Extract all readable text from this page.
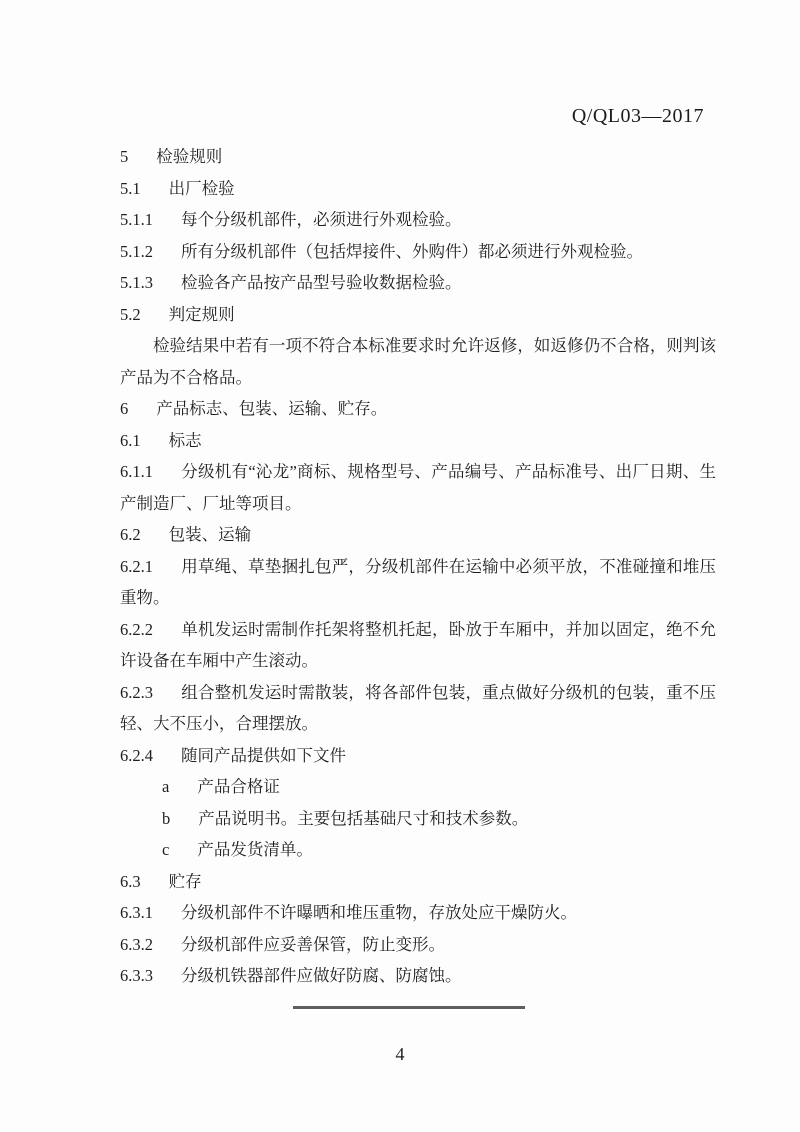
Q/QL03—2017
5 检验规则
5.1 出厂检验
5.1.1 每个分级机部件，必须进行外观检验。
5.1.2 所有分级机部件（包括焊接件、外购件）都必须进行外观检验。
5.1.3 检验各产品按产品型号验收数据检验。
5.2 判定规则
检验结果中若有一项不符合本标准要求时允许返修，如返修仍不合格，则判该产品为不合格品。
6 产品标志、包装、运输、贮存。
6.1 标志
6.1.1 分级机有“沁龙”商标、规格型号、产品编号、产品标准号、出厂日期、生产制造厂、厂址等项目。
6.2 包装、运输
6.2.1 用草绳、草垫捆扎包严，分级机部件在运输中必须平放，不准碰撞和堆压重物。
6.2.2 单机发运时需制作托架将整机托起，卧放于车厢中，并加以固定，绝不允许设备在车厢中产生滚动。
6.2.3 组合整机发运时需散装，将各部件包装，重点做好分级机的包装，重不压轻、大不压小，合理摆放。
6.2.4 随同产品提供如下文件
a 产品合格证
b 产品说明书。主要包括基础尺寸和技术参数。
c 产品发货清单。
6.3 贮存
6.3.1 分级机部件不许曝晒和堆压重物，存放处应干燥防火。
6.3.2 分级机部件应妥善保管，防止变形。
6.3.3 分级机铁器部件应做好防腐、防腐蚀。
4
